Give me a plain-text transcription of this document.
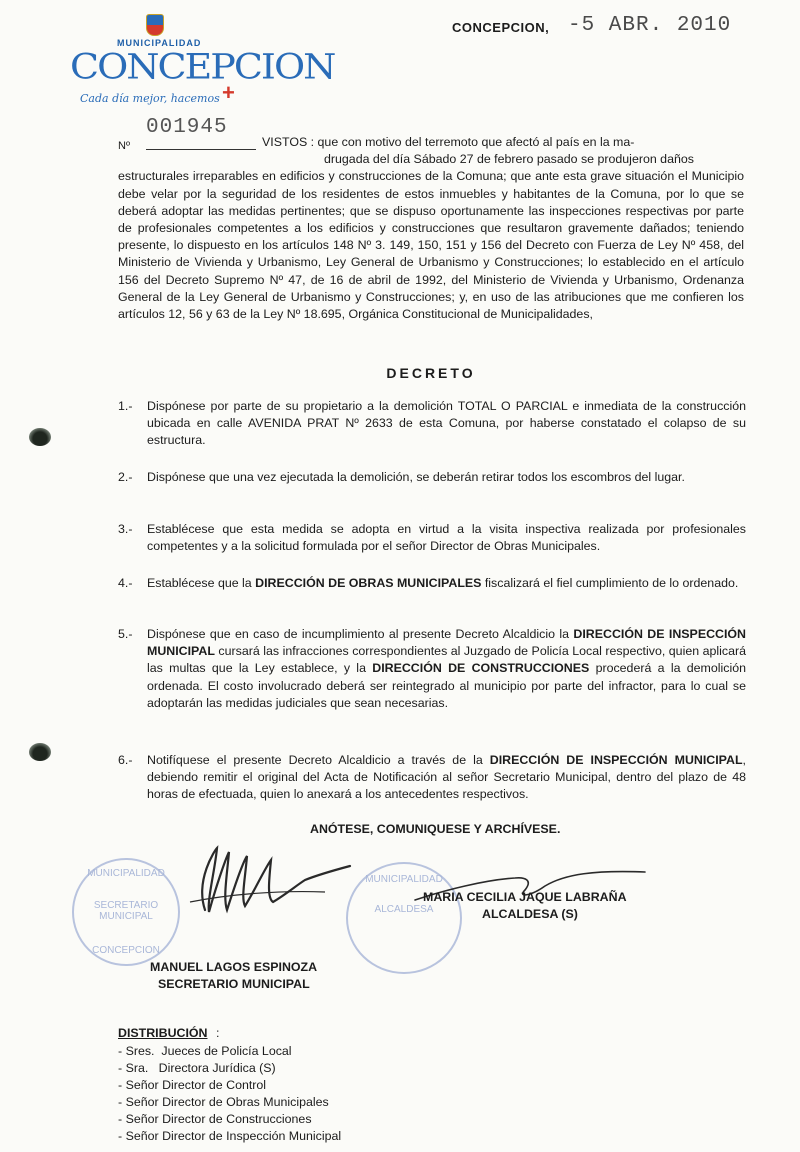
MUNICIPALIDAD
CONCEPCION
Cada día mejor, hacemos +
CONCEPCION, -5 ABR. 2010
Nº
001945
VISTOS : que con motivo del terremoto que afectó al país en la ma-
drugada del día Sábado 27 de febrero pasado se produjeron daños
estructurales irreparables en edificios y construcciones de la Comuna; que ante esta grave situación el Municipio debe velar por la seguridad de los residentes de estos inmuebles y habitantes de la Comuna, por lo que se deberá adoptar las medidas pertinentes; que se dispuso oportunamente las inspecciones respectivas por parte de profesionales competentes a los edificios y construcciones que resultaron gravemente dañados; teniendo presente, lo dispuesto en los artículos 148 Nº 3. 149, 150, 151 y 156 del Decreto con Fuerza de Ley Nº 458, del Ministerio de Vivienda y Urbanismo, Ley General de Urbanismo y Construcciones; lo establecido en el artículo 156 del Decreto Supremo Nº 47, de 16 de abril de 1992, del Ministerio de Vivienda y Urbanismo, Ordenanza General de la Ley General de Urbanismo y Construcciones; y, en uso de las atribuciones que me confieren los artículos 12, 56 y 63 de la Ley Nº 18.695, Orgánica Constitucional de Municipalidades,
DECRETO
1.- Dispónese por parte de su propietario a la demolición TOTAL O PARCIAL e inmediata de la construcción ubicada en calle AVENIDA PRAT Nº 2633 de esta Comuna, por haberse constatado el colapso de su estructura.
2.- Dispónese que una vez ejecutada la demolición, se deberán retirar todos los escombros del lugar.
3.- Establécese que esta medida se adopta en virtud a la visita inspectiva realizada por profesionales competentes y a la solicitud formulada por el señor Director de Obras Municipales.
4.- Establécese que la DIRECCIÓN DE OBRAS MUNICIPALES fiscalizará el fiel cumplimiento de lo ordenado.
5.- Dispónese que en caso de incumplimiento al presente Decreto Alcaldicio la DIRECCIÓN DE INSPECCIÓN MUNICIPAL cursará las infracciones correspondientes al Juzgado de Policía Local respectivo, quien aplicará las multas que la Ley establece, y la DIRECCIÓN DE CONSTRUCCIONES procederá a la demolición ordenada. El costo involucrado deberá ser reintegrado al municipio por parte del infractor, para lo cual se adoptarán las medidas judiciales que sean necesarias.
6.- Notifíquese el presente Decreto Alcaldicio a través de la DIRECCIÓN DE INSPECCIÓN MUNICIPAL, debiendo remitir el original del Acta de Notificación al señor Secretario Municipal, dentro del plazo de 48 horas de efectuada, quien lo anexará a los antecedentes respectivos.
ANÓTESE, COMUNIQUESE Y ARCHÍVESE.
MUNICIPALIDAD
SECRETARIO MUNICIPAL
CONCEPCION
MUNICIPALIDAD
ALCALDESA
MARIA CECILIA JAQUE LABRAÑA
ALCALDESA (S)
MANUEL LAGOS ESPINOZA
SECRETARIO MUNICIPAL
DISTRIBUCIÓN :
- Sres.  Jueces de Policía Local
- Sra.   Directora Jurídica (S)
- Señor Director de Control
- Señor Director de Obras Municipales
- Señor Director de Construcciones
- Señor Director de Inspección Municipal
